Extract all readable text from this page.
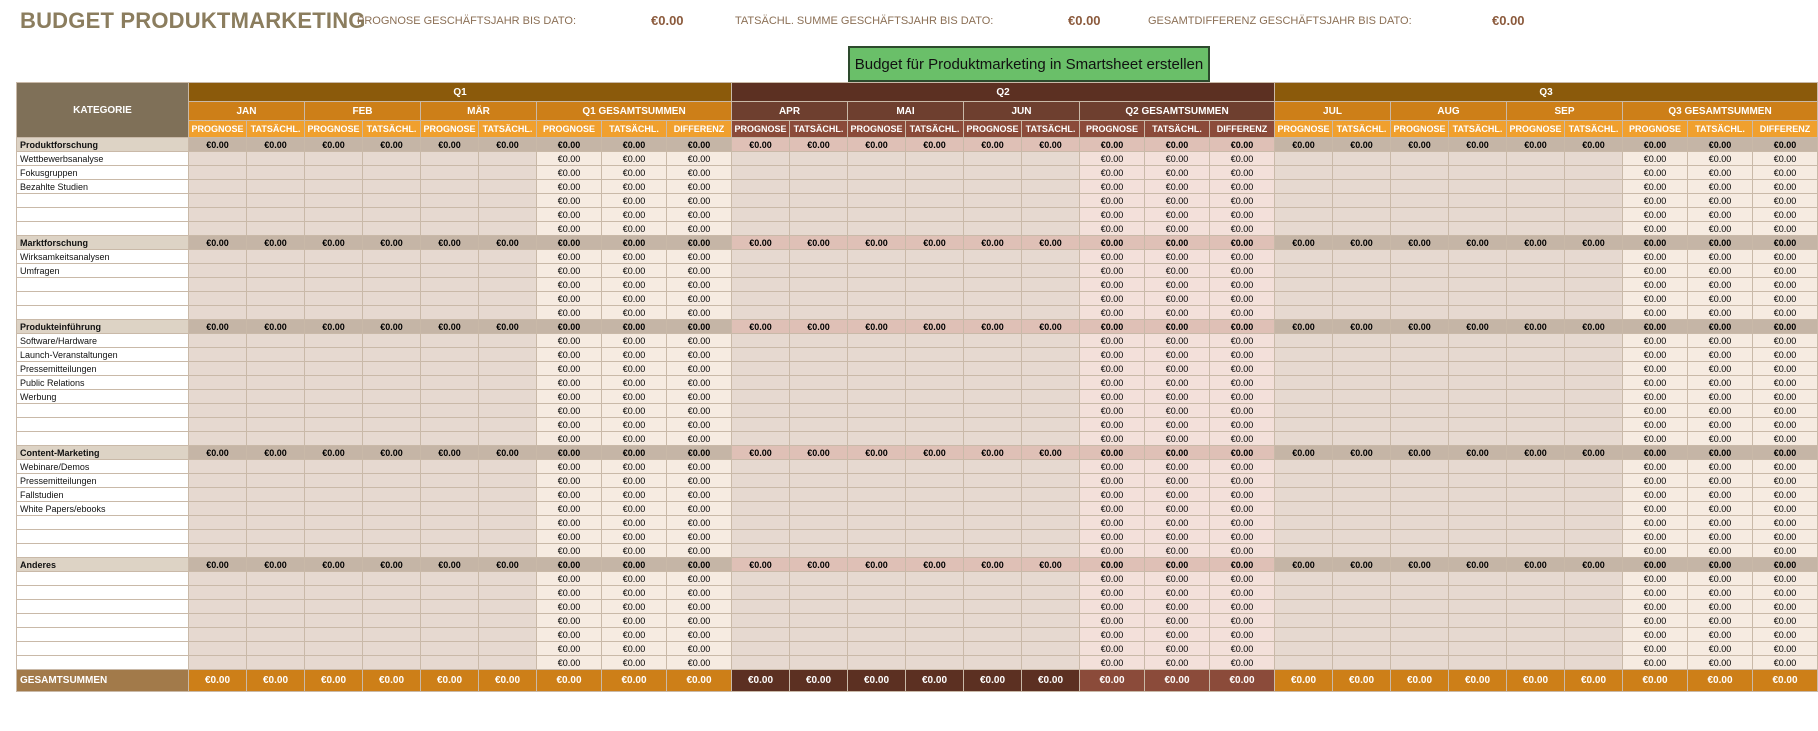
BUDGET PRODUKTMARKETING
PROGNOSE GESCHÄFTSJAHR BIS DATO:	€0.00	TATSÄCHL. SUMME GESCHÄFTSJAHR BIS DATO:	€0.00	GESAMTDIFFERENZ GESCHÄFTSJAHR BIS DATO:	€0.00
Budget für Produktmarketing in Smartsheet erstellen
KATEGORIE	Q1									Q2									Q3								
	JAN		FEB		MÄR		Q1 GESAMTSUMMEN			APR		MAI		JUN		Q2 GESAMTSUMMEN			JUL		AUG		SEP		Q3 GESAMTSUMMEN		
	PROGNOSE	TATSÄCHL.	PROGNOSE	TATSÄCHL.	PROGNOSE	TATSÄCHL.	PROGNOSE	TATSÄCHL.	DIFFERENZ	PROGNOSE	TATSÄCHL.	PROGNOSE	TATSÄCHL.	PROGNOSE	TATSÄCHL.	PROGNOSE	TATSÄCHL.	DIFFERENZ	PROGNOSE	TATSÄCHL.	PROGNOSE	TATSÄCHL.	PROGNOSE	TATSÄCHL.	PROGNOSE	TATSÄCHL.	DIFFERENZ
Produktforschung	€0.00	€0.00	€0.00	€0.00	€0.00	€0.00	€0.00	€0.00	€0.00	€0.00	€0.00	€0.00	€0.00	€0.00	€0.00	€0.00	€0.00	€0.00	€0.00	€0.00	€0.00	€0.00	€0.00	€0.00	€0.00	€0.00	€0.00
Wettbewerbsanalyse							€0.00	€0.00	€0.00							€0.00	€0.00	€0.00							€0.00	€0.00	€0.00
Fokusgruppen							€0.00	€0.00	€0.00							€0.00	€0.00	€0.00							€0.00	€0.00	€0.00
Bezahlte Studien							€0.00	€0.00	€0.00							€0.00	€0.00	€0.00							€0.00	€0.00	€0.00
							€0.00	€0.00	€0.00							€0.00	€0.00	€0.00							€0.00	€0.00	€0.00
							€0.00	€0.00	€0.00							€0.00	€0.00	€0.00							€0.00	€0.00	€0.00
							€0.00	€0.00	€0.00							€0.00	€0.00	€0.00							€0.00	€0.00	€0.00
Marktforschung	€0.00	€0.00	€0.00	€0.00	€0.00	€0.00	€0.00	€0.00	€0.00	€0.00	€0.00	€0.00	€0.00	€0.00	€0.00	€0.00	€0.00	€0.00	€0.00	€0.00	€0.00	€0.00	€0.00	€0.00	€0.00	€0.00	€0.00
Wirksamkeitsanalysen							€0.00	€0.00	€0.00							€0.00	€0.00	€0.00							€0.00	€0.00	€0.00
Umfragen							€0.00	€0.00	€0.00							€0.00	€0.00	€0.00							€0.00	€0.00	€0.00
							€0.00	€0.00	€0.00							€0.00	€0.00	€0.00							€0.00	€0.00	€0.00
							€0.00	€0.00	€0.00							€0.00	€0.00	€0.00							€0.00	€0.00	€0.00
							€0.00	€0.00	€0.00							€0.00	€0.00	€0.00							€0.00	€0.00	€0.00
Produkteinführung	€0.00	€0.00	€0.00	€0.00	€0.00	€0.00	€0.00	€0.00	€0.00	€0.00	€0.00	€0.00	€0.00	€0.00	€0.00	€0.00	€0.00	€0.00	€0.00	€0.00	€0.00	€0.00	€0.00	€0.00	€0.00	€0.00	€0.00
Software/Hardware							€0.00	€0.00	€0.00							€0.00	€0.00	€0.00							€0.00	€0.00	€0.00
Launch-Veranstaltungen							€0.00	€0.00	€0.00							€0.00	€0.00	€0.00							€0.00	€0.00	€0.00
Pressemitteilungen							€0.00	€0.00	€0.00							€0.00	€0.00	€0.00							€0.00	€0.00	€0.00
Public Relations							€0.00	€0.00	€0.00							€0.00	€0.00	€0.00							€0.00	€0.00	€0.00
Werbung							€0.00	€0.00	€0.00							€0.00	€0.00	€0.00							€0.00	€0.00	€0.00
							€0.00	€0.00	€0.00							€0.00	€0.00	€0.00							€0.00	€0.00	€0.00
							€0.00	€0.00	€0.00							€0.00	€0.00	€0.00							€0.00	€0.00	€0.00
							€0.00	€0.00	€0.00							€0.00	€0.00	€0.00							€0.00	€0.00	€0.00
Content-Marketing	€0.00	€0.00	€0.00	€0.00	€0.00	€0.00	€0.00	€0.00	€0.00	€0.00	€0.00	€0.00	€0.00	€0.00	€0.00	€0.00	€0.00	€0.00	€0.00	€0.00	€0.00	€0.00	€0.00	€0.00	€0.00	€0.00	€0.00
Webinare/Demos							€0.00	€0.00	€0.00							€0.00	€0.00	€0.00							€0.00	€0.00	€0.00
Pressemitteilungen							€0.00	€0.00	€0.00							€0.00	€0.00	€0.00							€0.00	€0.00	€0.00
Fallstudien							€0.00	€0.00	€0.00							€0.00	€0.00	€0.00							€0.00	€0.00	€0.00
White Papers/ebooks							€0.00	€0.00	€0.00							€0.00	€0.00	€0.00							€0.00	€0.00	€0.00
							€0.00	€0.00	€0.00							€0.00	€0.00	€0.00							€0.00	€0.00	€0.00
							€0.00	€0.00	€0.00							€0.00	€0.00	€0.00							€0.00	€0.00	€0.00
							€0.00	€0.00	€0.00							€0.00	€0.00	€0.00							€0.00	€0.00	€0.00
Anderes	€0.00	€0.00	€0.00	€0.00	€0.00	€0.00	€0.00	€0.00	€0.00	€0.00	€0.00	€0.00	€0.00	€0.00	€0.00	€0.00	€0.00	€0.00	€0.00	€0.00	€0.00	€0.00	€0.00	€0.00	€0.00	€0.00	€0.00
							€0.00	€0.00	€0.00							€0.00	€0.00	€0.00							€0.00	€0.00	€0.00
							€0.00	€0.00	€0.00							€0.00	€0.00	€0.00							€0.00	€0.00	€0.00
							€0.00	€0.00	€0.00							€0.00	€0.00	€0.00							€0.00	€0.00	€0.00
							€0.00	€0.00	€0.00							€0.00	€0.00	€0.00							€0.00	€0.00	€0.00
							€0.00	€0.00	€0.00							€0.00	€0.00	€0.00							€0.00	€0.00	€0.00
							€0.00	€0.00	€0.00							€0.00	€0.00	€0.00							€0.00	€0.00	€0.00
							€0.00	€0.00	€0.00							€0.00	€0.00	€0.00							€0.00	€0.00	€0.00
GESAMTSUMMEN	€0.00	€0.00	€0.00	€0.00	€0.00	€0.00	€0.00	€0.00	€0.00	€0.00	€0.00	€0.00	€0.00	€0.00	€0.00	€0.00	€0.00	€0.00	€0.00	€0.00	€0.00	€0.00	€0.00	€0.00	€0.00	€0.00	€0.00
